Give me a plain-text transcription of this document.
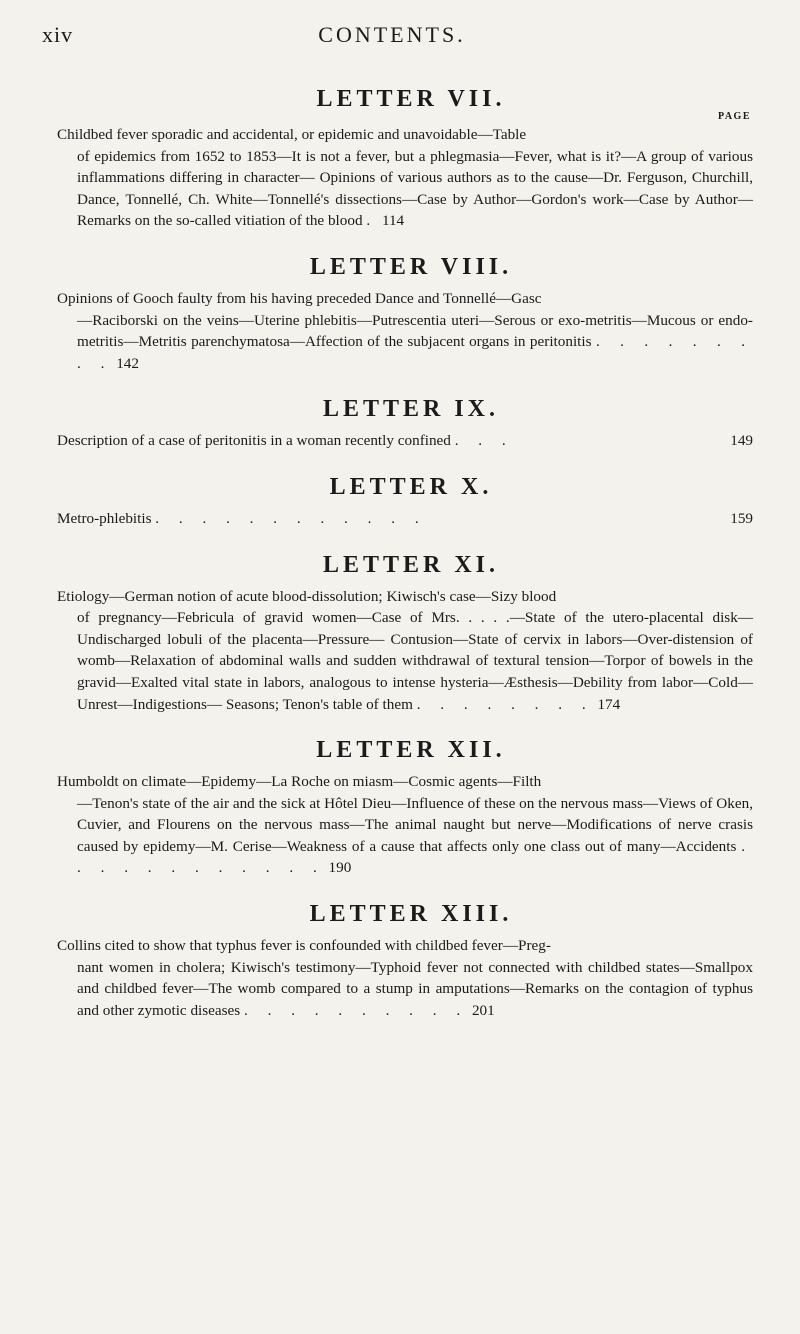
xiv	CONTENTS.
LETTER VII.
PAGE
Childbed fever sporadic and accidental, or epidemic and unavoidable—Table
of epidemics from 1652 to 1853—It is not a fever, but a phlegmasia—Fever, what is it?—A group of various inflammations differing in character— Opinions of various authors as to the cause—Dr. Ferguson, Churchill, Dance, Tonnellé, Ch. White—Tonnellé's dissections—Case by Author—Gordon's work—Case by Author—Remarks on the so-called vitiation of the blood . 114
LETTER VIII.
Opinions of Gooch faulty from his having preceded Dance and Tonnellé—Gasc
—Raciborski on the veins—Uterine phlebitis—Putrescentia uteri—Serous or exo-metritis—Mucous or endo-metritis—Metritis parenchymatosa—Affection of the subjacent organs in peritonitis . . . . . . . . . 142
LETTER IX.
Description of a case of peritonitis in a woman recently confined . . .	149
LETTER X.
Metro-phlebitis . . . . . . . . . . . .	159
LETTER XI.
Etiology—German notion of acute blood-dissolution; Kiwisch's case—Sizy blood
of pregnancy—Febricula of gravid women—Case of Mrs. . . . .—State of the utero-placental disk—Undischarged lobuli of the placenta—Pressure— Contusion—State of cervix in labors—Over-distension of womb—Relaxation of abdominal walls and sudden withdrawal of textural tension—Torpor of bowels in the gravid—Exalted vital state in labors, analogous to intense hysteria—Æsthesis—Debility from labor—Cold—Unrest—Indigestions— Seasons; Tenon's table of them . . . . . . . . 174
LETTER XII.
Humboldt on climate—Epidemy—La Roche on miasm—Cosmic agents—Filth
—Tenon's state of the air and the sick at Hôtel Dieu—Influence of these on the nervous mass—Views of Oken, Cuvier, and Flourens on the nervous mass—The animal naught but nerve—Modifications of nerve crasis caused by epidemy—M. Cerise—Weakness of a cause that affects only one class out of many—Accidents . . . . . . . . . . . . 190
LETTER XIII.
Collins cited to show that typhus fever is confounded with childbed fever—Preg-
nant women in cholera; Kiwisch's testimony—Typhoid fever not connected with childbed states—Smallpox and childbed fever—The womb compared to a stump in amputations—Remarks on the contagion of typhus and other zymotic diseases . . . . . . . . . . 201
